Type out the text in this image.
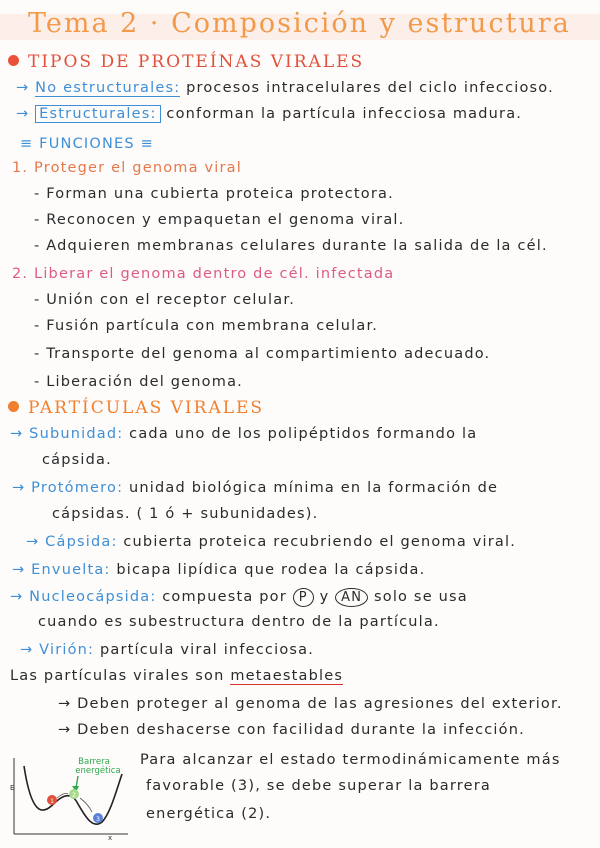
Tema 2 · Composición y estructura
TIPOS DE PROTEÍNAS VIRALES
→ No estructurales: procesos intracelulares del ciclo infeccioso.
→ Estructurales: conforman la partícula infecciosa madura.
≡ FUNCIONES ≡
1. Proteger el genoma viral
- Forman una cubierta proteica protectora.
- Reconocen y empaquetan el genoma viral.
- Adquieren membranas celulares durante la salida de la cél.
2. Liberar el genoma dentro de cél. infectada
- Unión con el receptor celular.
- Fusión partícula con membrana celular.
- Transporte del genoma al compartimiento adecuado.
- Liberación del genoma.
PARTÍCULAS VIRALES
→ Subunidad: cada uno de los polipéptidos formando la
cápsida.
→ Protómero: unidad biológica mínima en la formación de
cápsidas. ( 1 ó + subunidades).
→ Cápsida: cubierta proteica recubriendo el genoma viral.
→ Envuelta: bicapa lipídica que rodea la cápsida.
→ Nucleocápsida: compuesta por P y AN solo se usa
cuando es subestructura dentro de la partícula.
→ Virión: partícula viral infecciosa.
Las partículas virales son metaestables
→ Deben proteger al genoma de las agresiones del exterior.
→ Deben deshacerse con facilidad durante la infección.
E
x
Barrera
energética
1
2
3
Para alcanzar el estado termodinámicamente más
favorable (3), se debe superar la barrera
energética (2).
